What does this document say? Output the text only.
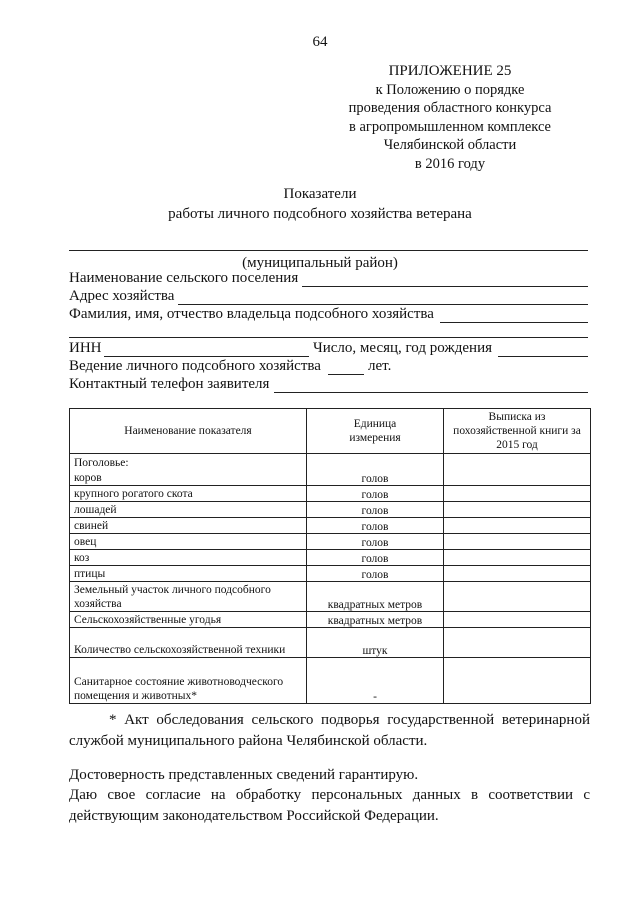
64
ПРИЛОЖЕНИЕ 25
к Положению о порядке
проведения областного конкурса
в агропромышленном комплексе
Челябинской области
в 2016 году
Показатели
работы личного подсобного хозяйства ветерана
(муниципальный район)
Наименование сельского поселения
Адрес хозяйства
Фамилия, имя, отчество владельца подсобного хозяйства
ИНН	Число, месяц, год рождения
Ведение личного подсобного хозяйства	лет.
Контактный телефон заявителя
Наименование показателя	Единица измерения	Выписка из похозяйственной книги за 2015 год
Поголовье:		
коров	голов	
крупного рогатого скота	голов	
лошадей	голов	
свиней	голов	
овец	голов	
коз	голов	
птицы	голов	
Земельный участок личного подсобного хозяйства	квадратных метров	
Сельскохозяйственные угодья	квадратных метров	
Количество сельскохозяйственной техники	штук	
Санитарное состояние животноводческого помещения и животных*	-	
* Акт обследования сельского подворья государственной ветеринарной службой муниципального района Челябинской области.
Достоверность представленных сведений гарантирую.
Даю свое согласие на обработку персональных данных в соответствии с действующим законодательством Российской Федерации.
